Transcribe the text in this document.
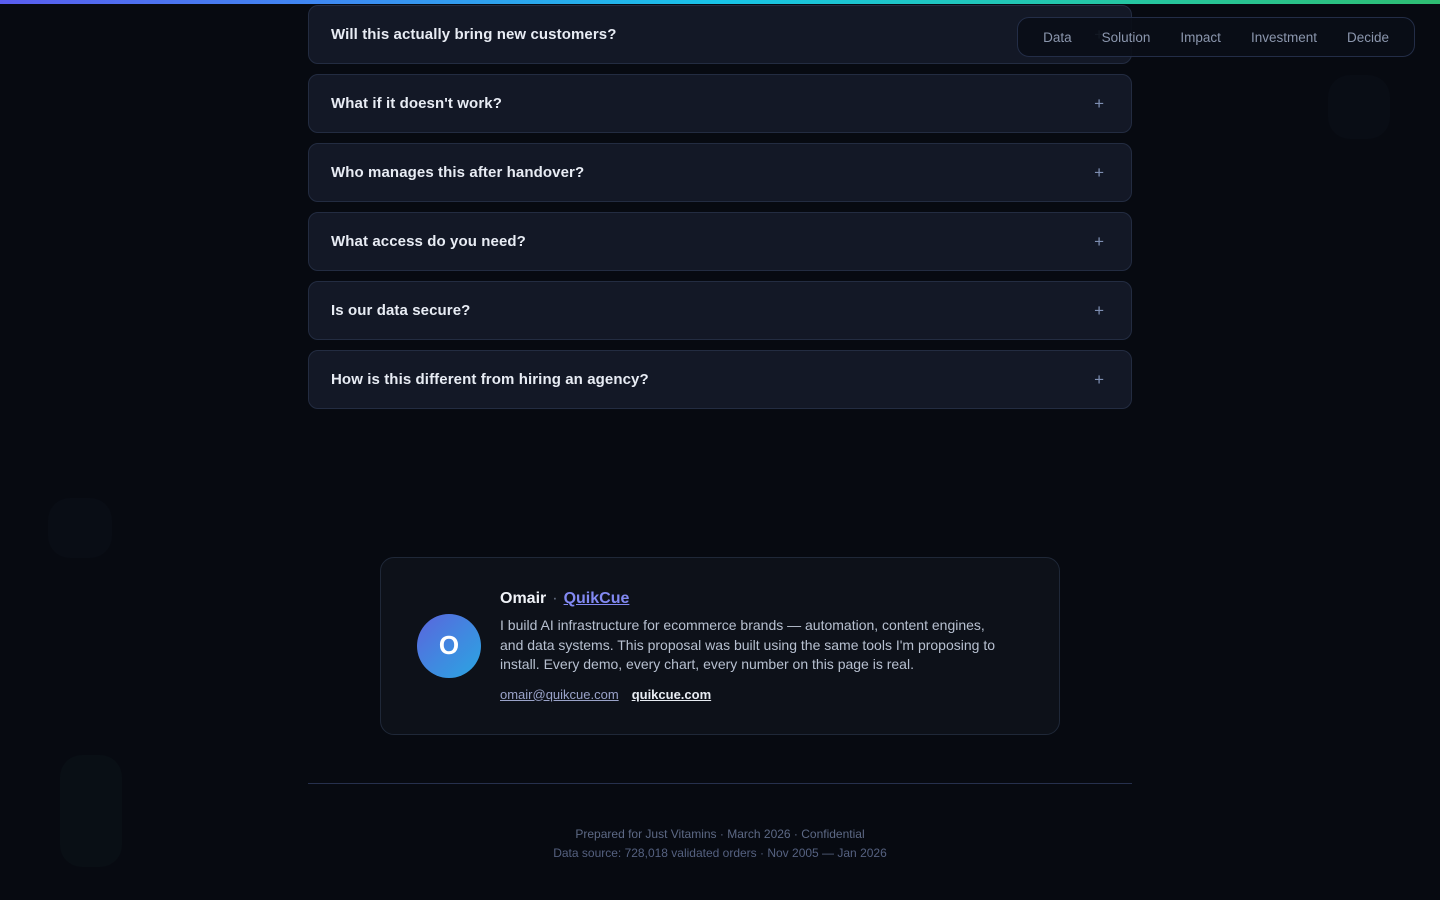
Data	Solution	Impact	Investment	Decide
Will this actually bring new customers?
What if it doesn't work?	+
Who manages this after handover?	+
What access do you need?	+
Is our data secure?	+
How is this different from hiring an agency?	+
O
Omair · QuikCue

I build AI infrastructure for ecommerce brands — automation, content engines, and data systems. This proposal was built using the same tools I'm proposing to install. Every demo, every chart, every number on this page is real.

omair@quikcue.com quikcue.com

Prepared for Just Vitamins · March 2026 · Confidential

Data source: 728,018 validated orders · Nov 2005 — Jan 2026
